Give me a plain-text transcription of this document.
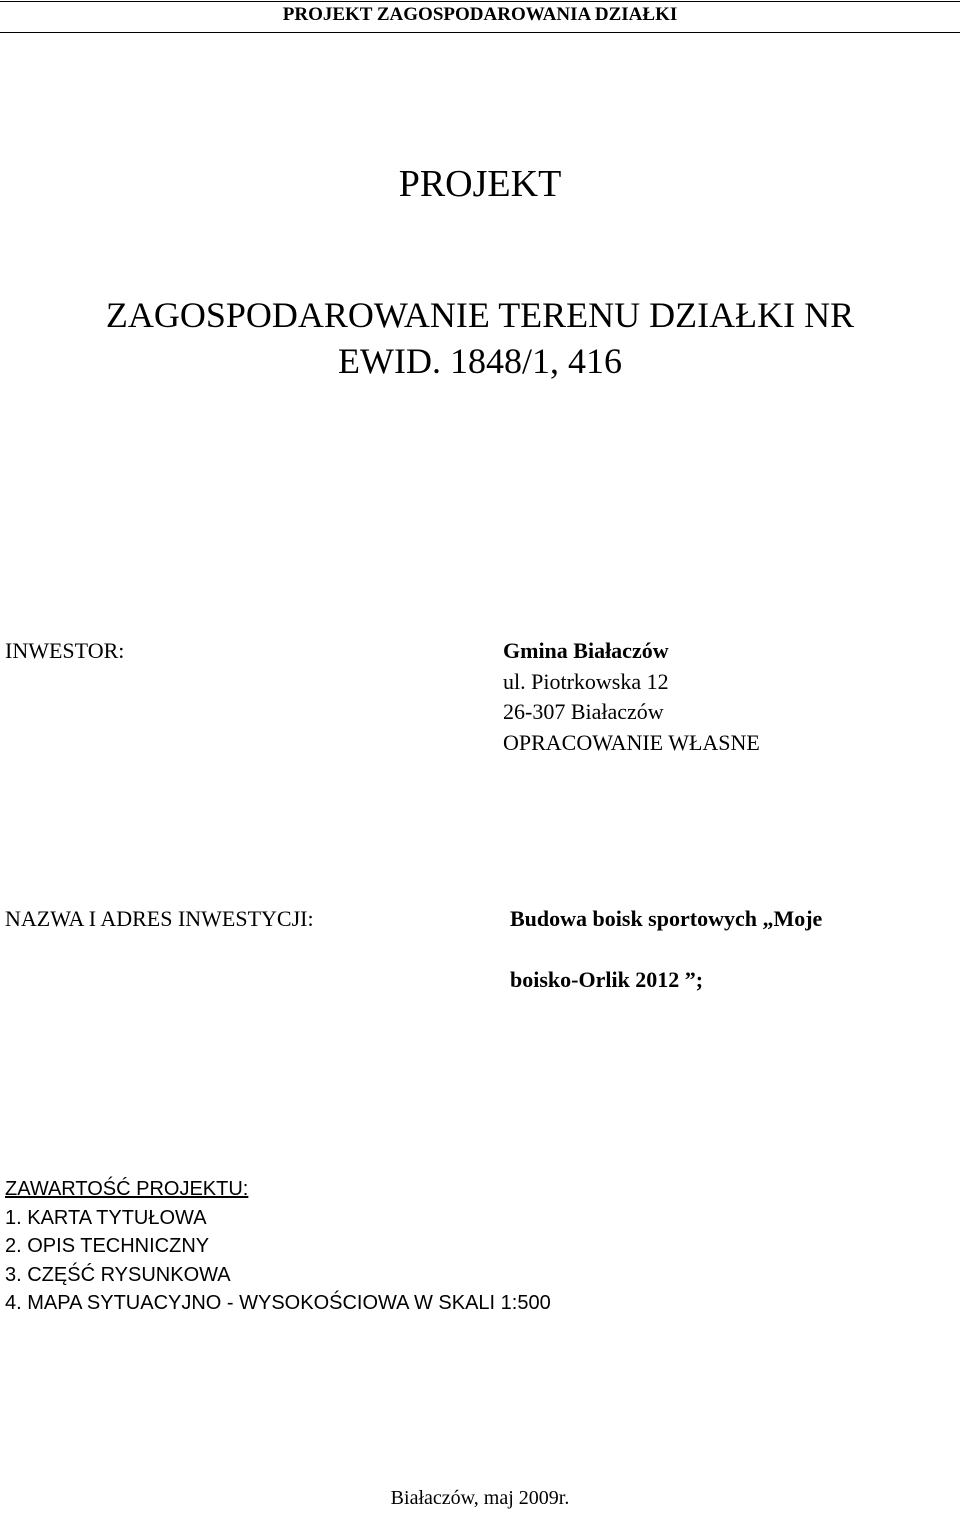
PROJEKT ZAGOSPODAROWANIA DZIAŁKI
PROJEKT
ZAGOSPODAROWANIE TERENU DZIAŁKI NR
EWID. 1848/1, 416
INWESTOR:	Gmina Białaczów
ul. Piotrkowska 12
26-307 Białaczów
OPRACOWANIE WŁASNE
NAZWA I ADRES INWESTYCJI:	Budowa boisk sportowych „Moje
boisko-Orlik 2012 ”;
ZAWARTOŚĆ PROJEKTU:
1. KARTA TYTUŁOWA
2. OPIS TECHNICZNY
3. CZĘŚĆ RYSUNKOWA
4. MAPA SYTUACYJNO - WYSOKOŚCIOWA W SKALI 1:500
Białaczów, maj 2009r.
